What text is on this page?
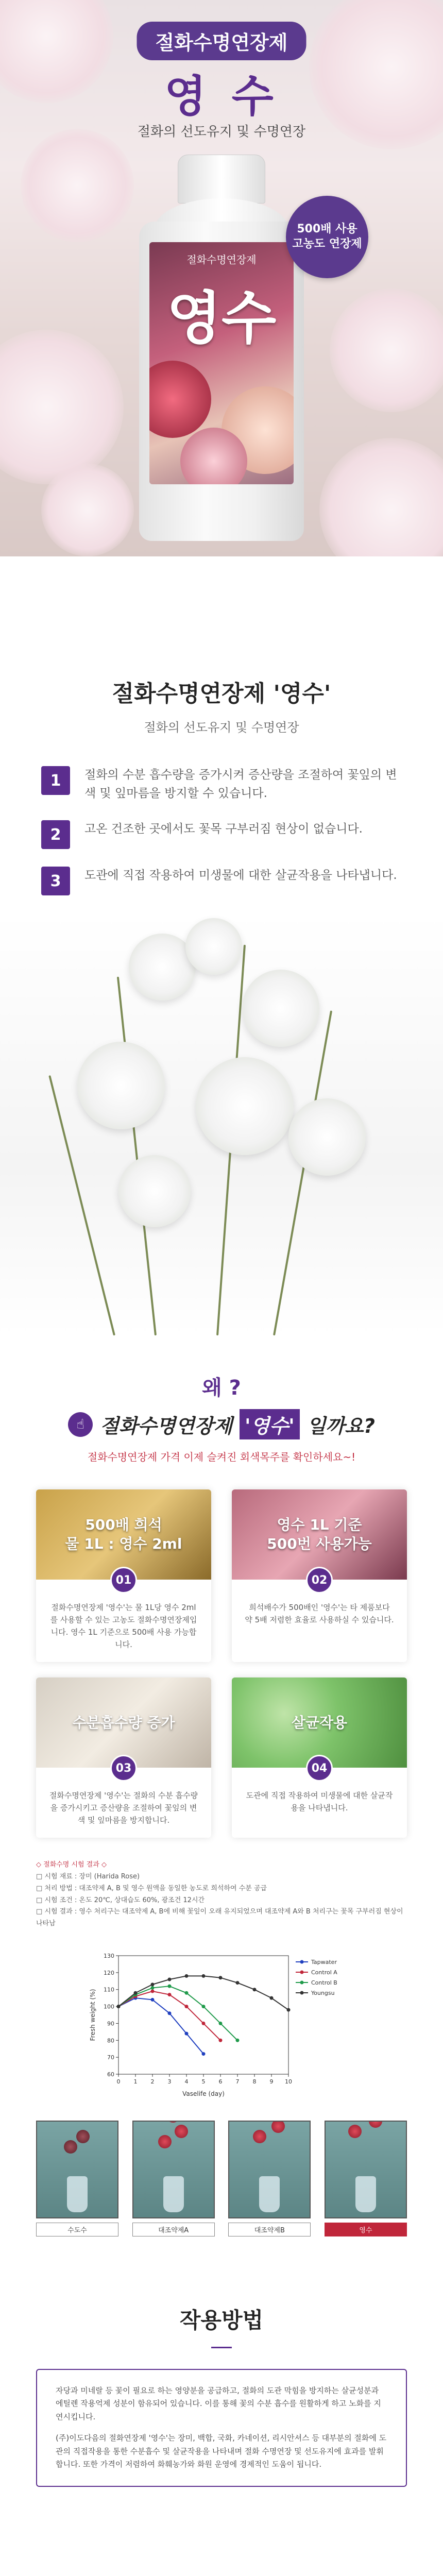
절화수명연장제
영 수
절화의 선도유지 및 수명연장
절화수명연장제
영수
500배 사용
고농도 연장제
절화수명연장제 '영수'
절화의 선도유지 및 수명연장
1	절화의 수분 흡수량을 증가시켜 증산량을 조절하여 꽃잎의 변색 및 잎마름을 방지할 수 있습니다.
2	고온 건조한 곳에서도 꽃목 구부러짐 현상이 없습니다.
3	도관에 직접 작용하여 미생물에 대한 살균작용을 나타냅니다.
왜 ?
☝ 절화수명연장제 '영수' 일까요?
절화수명연장제 가격 이제 슬켜진 회색목주를 확인하세요~!
500배 희석
물 1L : 영수 2ml
01
절화수명연장제 '영수'는 물 1L당 영수 2ml를 사용할 수 있는 고농도 절화수명연장제입니다. 영수 1L 기준으로 500배 사용 가능합니다.
영수 1L 기준
500번 사용가능
02
희석배수가 500배인 '영수'는 타 제품보다 약 5배 저렴한 효율로 사용하실 수 있습니다.
수분흡수량 증가
03
절화수명연장제 '영수'는 절화의 수분 흡수량을 증가시키고 증산량을 조절하여 꽃잎의 변색 및 잎마름을 방지합니다.
살균작용
04
도관에 직접 작용하여 미생물에 대한 살균작용을 나타냅니다.
◇ 절화수명 시험 결과 ◇
□ 시험 재료 : 장미 (Harida Rose)
□ 처리 방법 : 대조약제 A, B 및 영수 원액을 동일한 농도로 희석하여 수분 공급
□ 시험 조건 : 온도 20℃, 상대습도 60%, 광조건 12시간
□ 시험 결과 : 영수 처리구는 대조약제 A, B에 비해 꽃잎이 오래 유지되었으며 대조약제 A와 B 처리구는 꽃목 구부러짐 현상이 나타남
0 1 2 3 4 5 6 7 8 9 10
60
70
80
90
100
110
120
130
Vaselife (day)
Fresh weight (%)
Tapwater
Control A
Control B
Youngsu
수도수	대조약제A	대조약제B	영수
작용방법

자당과 미네랄 등 꽃이 필요로 하는 영양분을 공급하고, 절화의 도관 막힘을 방지하는 살균성분과 에틸렌 작용억제 성분이 함유되어 있습니다. 이를 통해 꽃의 수분 흡수를 원활하게 하고 노화를 지연시킵니다.

(주)이도다음의 절화연장제 '영수'는 장미, 백합, 국화, 카네이션, 리시안셔스 등 대부분의 절화에 도관의 직접작용을 통한 수분흡수 및 살균작용을 나타내며 절화 수명연장 및 선도유지에 효과를 발휘합니다. 또한 가격이 저렴하여 화훼농가와 화원 운영에 경제적인 도움이 됩니다.
